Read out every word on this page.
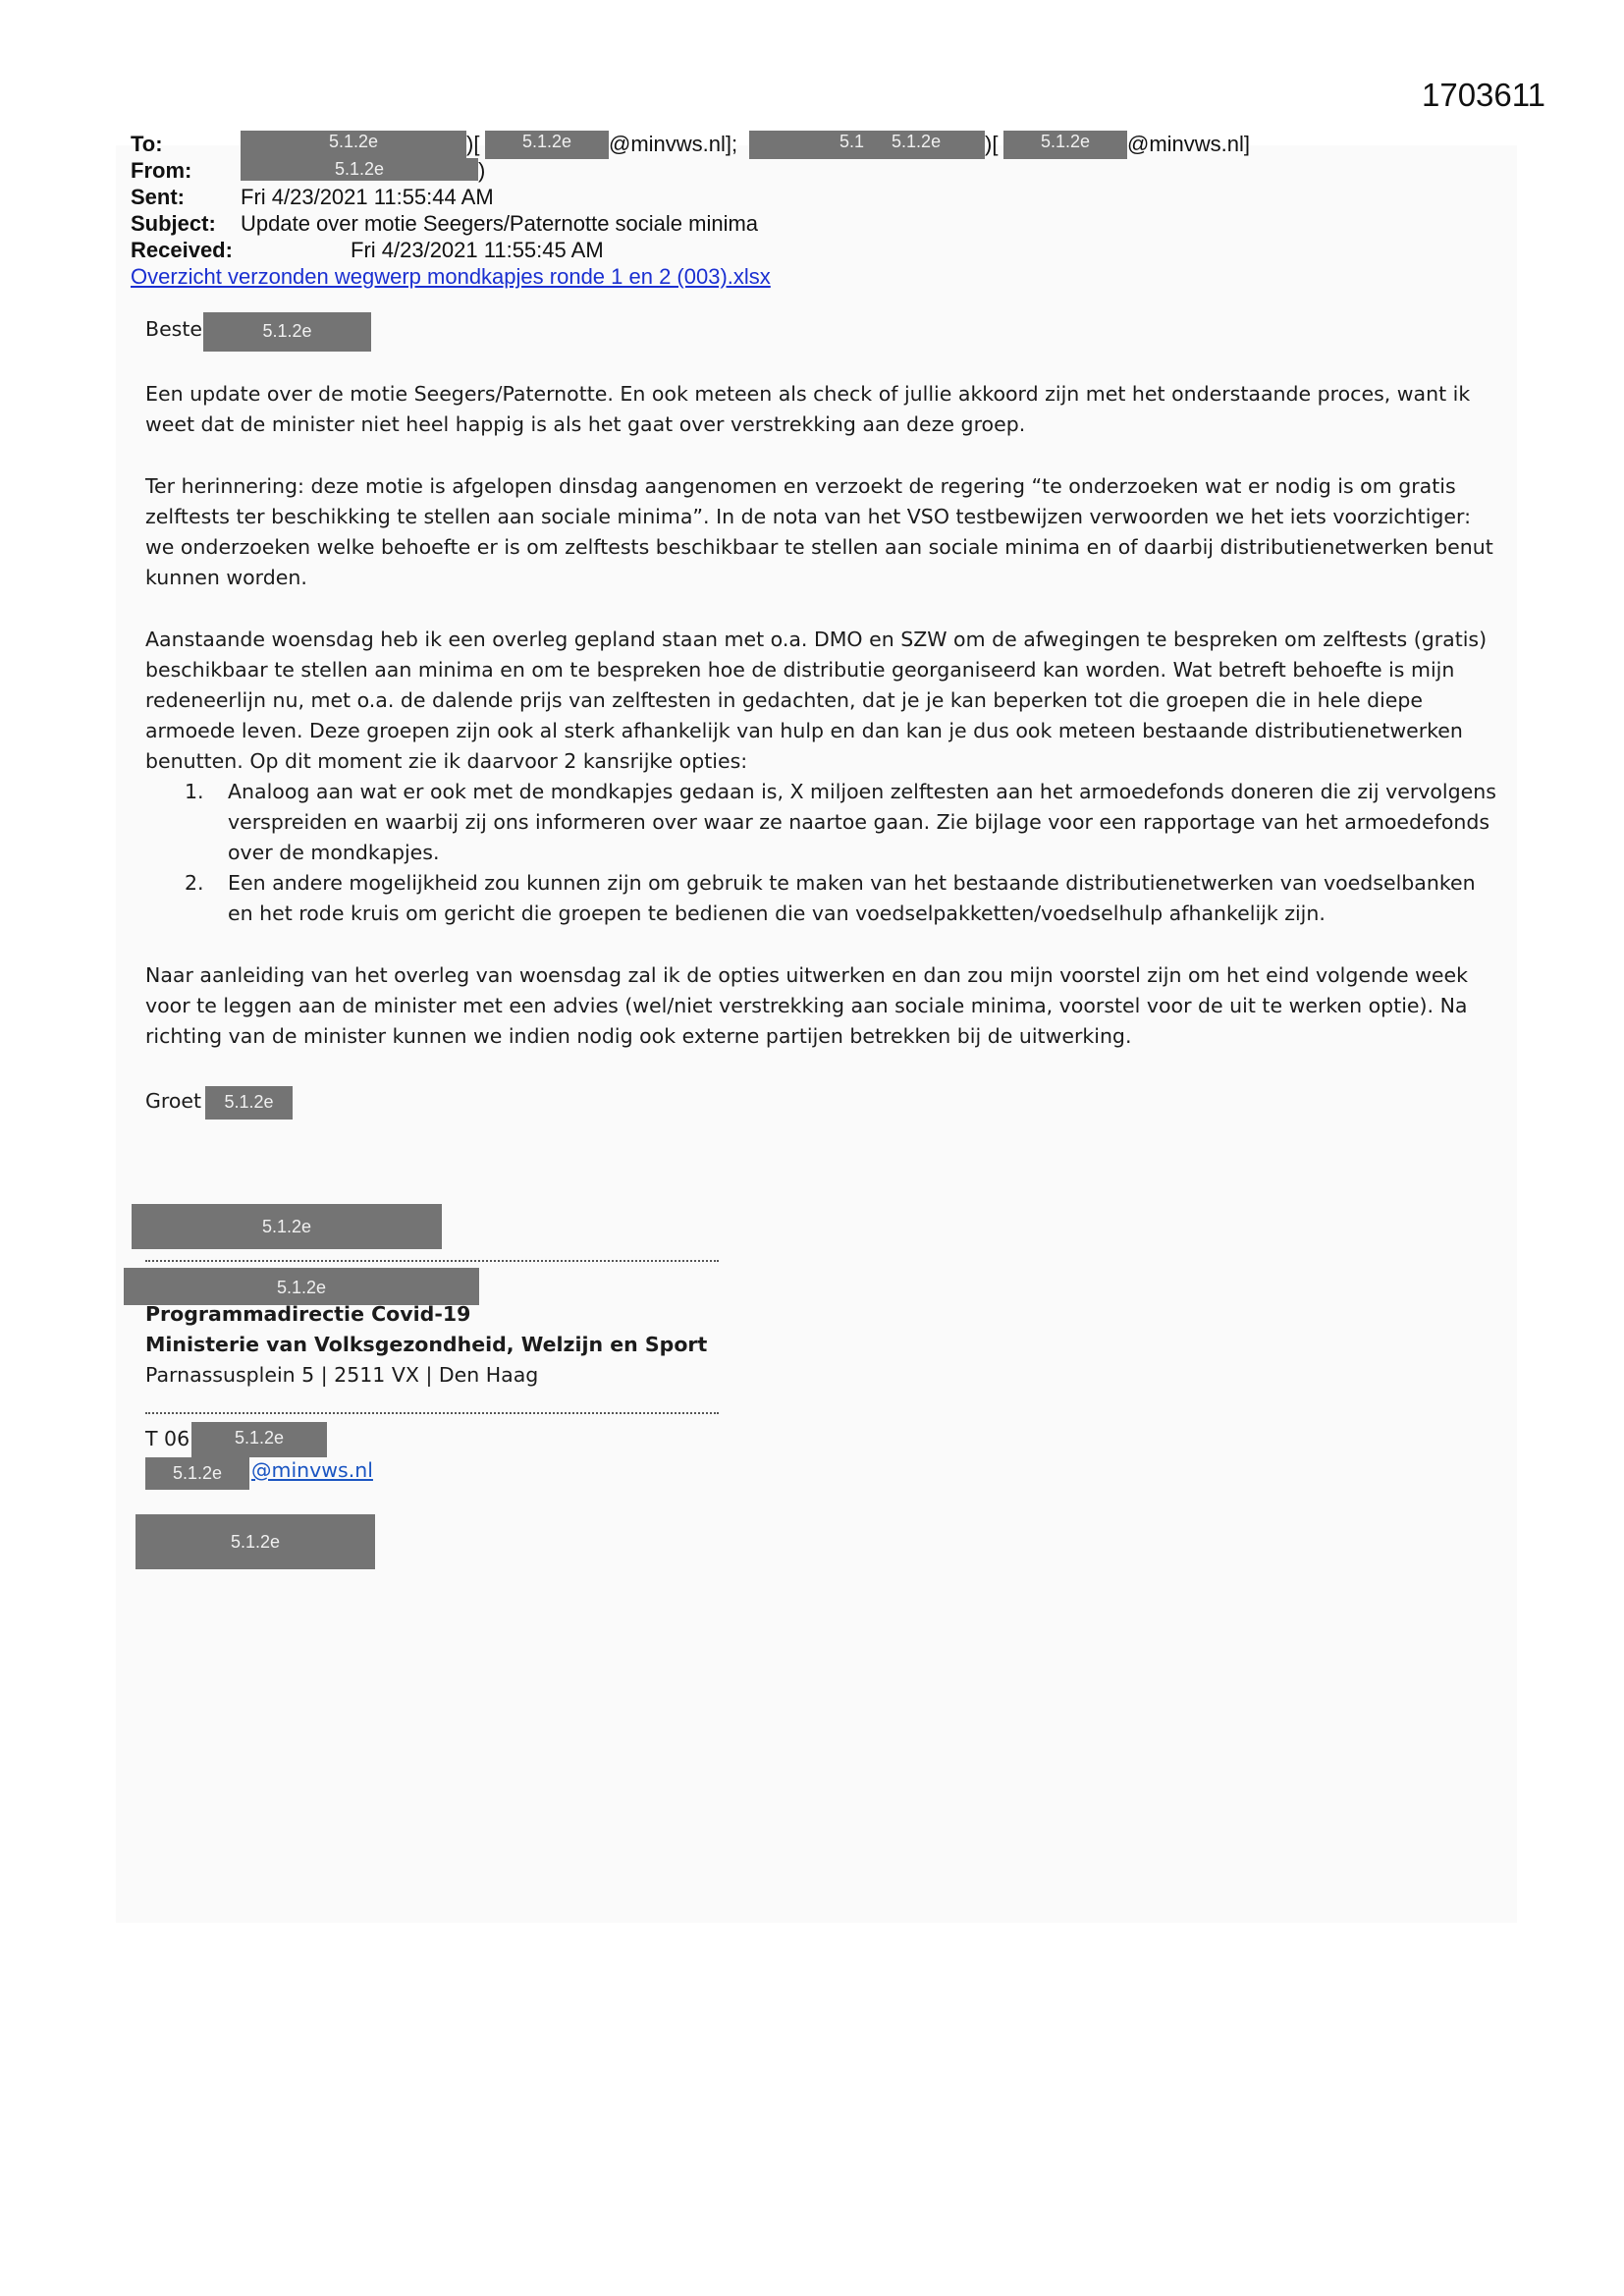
1703611
To:	5.1.2e	)[	5.1.2e	@minvws.nl];	5.1 5.1.2e	)[	5.1.2e	@minvws.nl]
From:	5.1.2e	)
Sent:	Fri 4/23/2021 11:55:44 AM
Subject: Update over motie Seegers/Paternotte sociale minima
Received:	Fri 4/23/2021 11:55:45 AM
Overzicht verzonden wegwerp mondkapjes ronde 1 en 2 (003).xlsx
Beste	5.1.2e

Een update over de motie Seegers/Paternotte. En ook meteen als check of jullie akkoord zijn met het onderstaande proces, want ik weet dat de minister niet heel happig is als het gaat over verstrekking aan deze groep.

Ter herinnering: deze motie is afgelopen dinsdag aangenomen en verzoekt de regering “te onderzoeken wat er nodig is om gratis zelftests ter beschikking te stellen aan sociale minima”. In de nota van het VSO testbewijzen verwoorden we het iets voorzichtiger: we onderzoeken welke behoefte er is om zelftests beschikbaar te stellen aan sociale minima en of daarbij distributienetwerken benut kunnen worden.

Aanstaande woensdag heb ik een overleg gepland staan met o.a. DMO en SZW om de afwegingen te bespreken om zelftests (gratis) beschikbaar te stellen aan minima en om te bespreken hoe de distributie georganiseerd kan worden. Wat betreft behoefte is mijn redeneerlijn nu, met o.a. de dalende prijs van zelftesten in gedachten, dat je je kan beperken tot die groepen die in hele diepe armoede leven. Deze groepen zijn ook al sterk afhankelijk van hulp en dan kan je dus ook meteen bestaande distributienetwerken benutten. Op dit moment zie ik daarvoor 2 kansrijke opties:

1. Analoog aan wat er ook met de mondkapjes gedaan is, X miljoen zelftesten aan het armoedefonds doneren die zij vervolgens verspreiden en waarbij zij ons informeren over waar ze naartoe gaan. Zie bijlage voor een rapportage van het armoedefonds over de mondkapjes.
2. Een andere mogelijkheid zou kunnen zijn om gebruik te maken van het bestaande distributienetwerken van voedselbanken en het rode kruis om gericht die groepen te bedienen die van voedselpakketten/voedselhulp afhankelijk zijn.

Naar aanleiding van het overleg van woensdag zal ik de opties uitwerken en dan zou mijn voorstel zijn om het eind volgende week voor te leggen aan de minister met een advies (wel/niet verstrekking aan sociale minima, voorstel voor de uit te werken optie). Na richting van de minister kunnen we indien nodig ook externe partijen betrekken bij de uitwerking.

Groet	5.1.2e
5.1.2e
5.1.2e
Programmadirectie Covid-19
Ministerie van Volksgezondheid, Welzijn en Sport
Parnassusplein 5 | 2511 VX | Den Haag
T 06	5.1.2e
5.1.2e	@minvws.nl
5.1.2e
